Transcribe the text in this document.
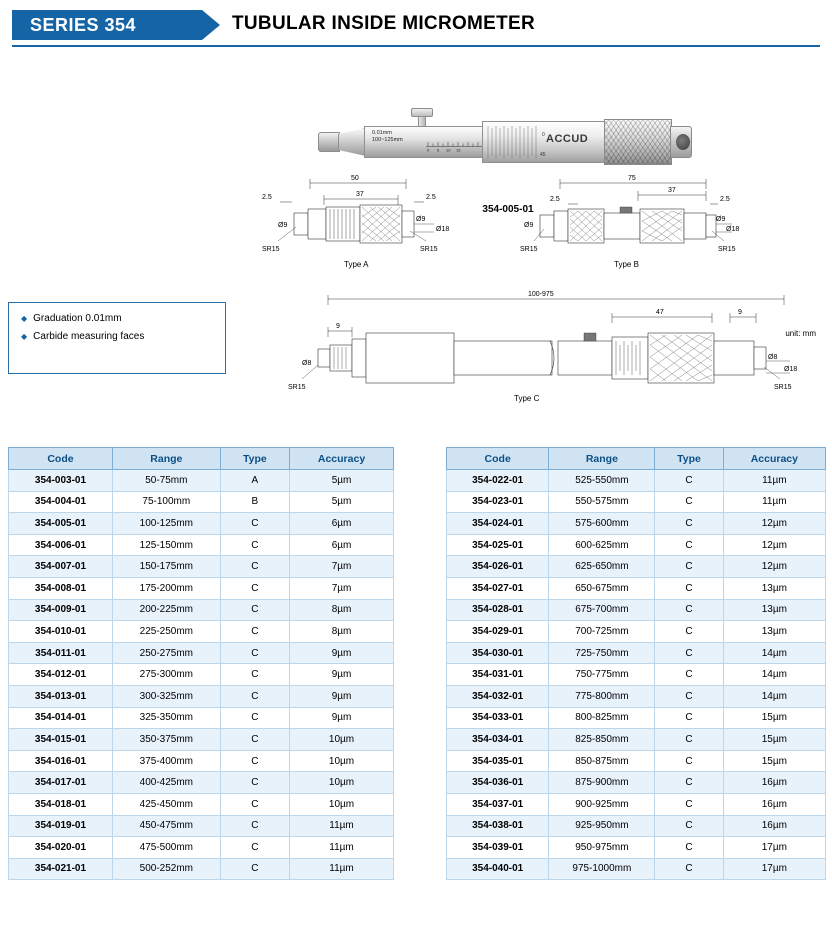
SERIES 354	TUBULAR INSIDE MICROMETER
0.01mm
100~125mm
0 5 10 15
0
45
ACCUD
354-005-01
unit: mm
50
37
2.5	2.5
Ø9
Ø9
Ø18
SR15	SR15
Type A
75
37
2.5	2.5
Ø9
Ø9
Ø18
SR15	SR15
Type B
100-975
47	9
9
Ø8
Ø8
Ø18
SR15	SR15
Type C
◆ Graduation 0.01mm
◆ Carbide measuring faces
Code	Range	Type	Accuracy
354-003-01	50-75mm	A	5µm
354-004-01	75-100mm	B	5µm
354-005-01	100-125mm	C	6µm
354-006-01	125-150mm	C	6µm
354-007-01	150-175mm	C	7µm
354-008-01	175-200mm	C	7µm
354-009-01	200-225mm	C	8µm
354-010-01	225-250mm	C	8µm
354-011-01	250-275mm	C	9µm
354-012-01	275-300mm	C	9µm
354-013-01	300-325mm	C	9µm
354-014-01	325-350mm	C	9µm
354-015-01	350-375mm	C	10µm
354-016-01	375-400mm	C	10µm
354-017-01	400-425mm	C	10µm
354-018-01	425-450mm	C	10µm
354-019-01	450-475mm	C	11µm
354-020-01	475-500mm	C	11µm
354-021-01	500-252mm	C	11µm
Code	Range	Type	Accuracy
354-022-01	525-550mm	C	11µm
354-023-01	550-575mm	C	11µm
354-024-01	575-600mm	C	12µm
354-025-01	600-625mm	C	12µm
354-026-01	625-650mm	C	12µm
354-027-01	650-675mm	C	13µm
354-028-01	675-700mm	C	13µm
354-029-01	700-725mm	C	13µm
354-030-01	725-750mm	C	14µm
354-031-01	750-775mm	C	14µm
354-032-01	775-800mm	C	14µm
354-033-01	800-825mm	C	15µm
354-034-01	825-850mm	C	15µm
354-035-01	850-875mm	C	15µm
354-036-01	875-900mm	C	16µm
354-037-01	900-925mm	C	16µm
354-038-01	925-950mm	C	16µm
354-039-01	950-975mm	C	17µm
354-040-01	975-1000mm	C	17µm
